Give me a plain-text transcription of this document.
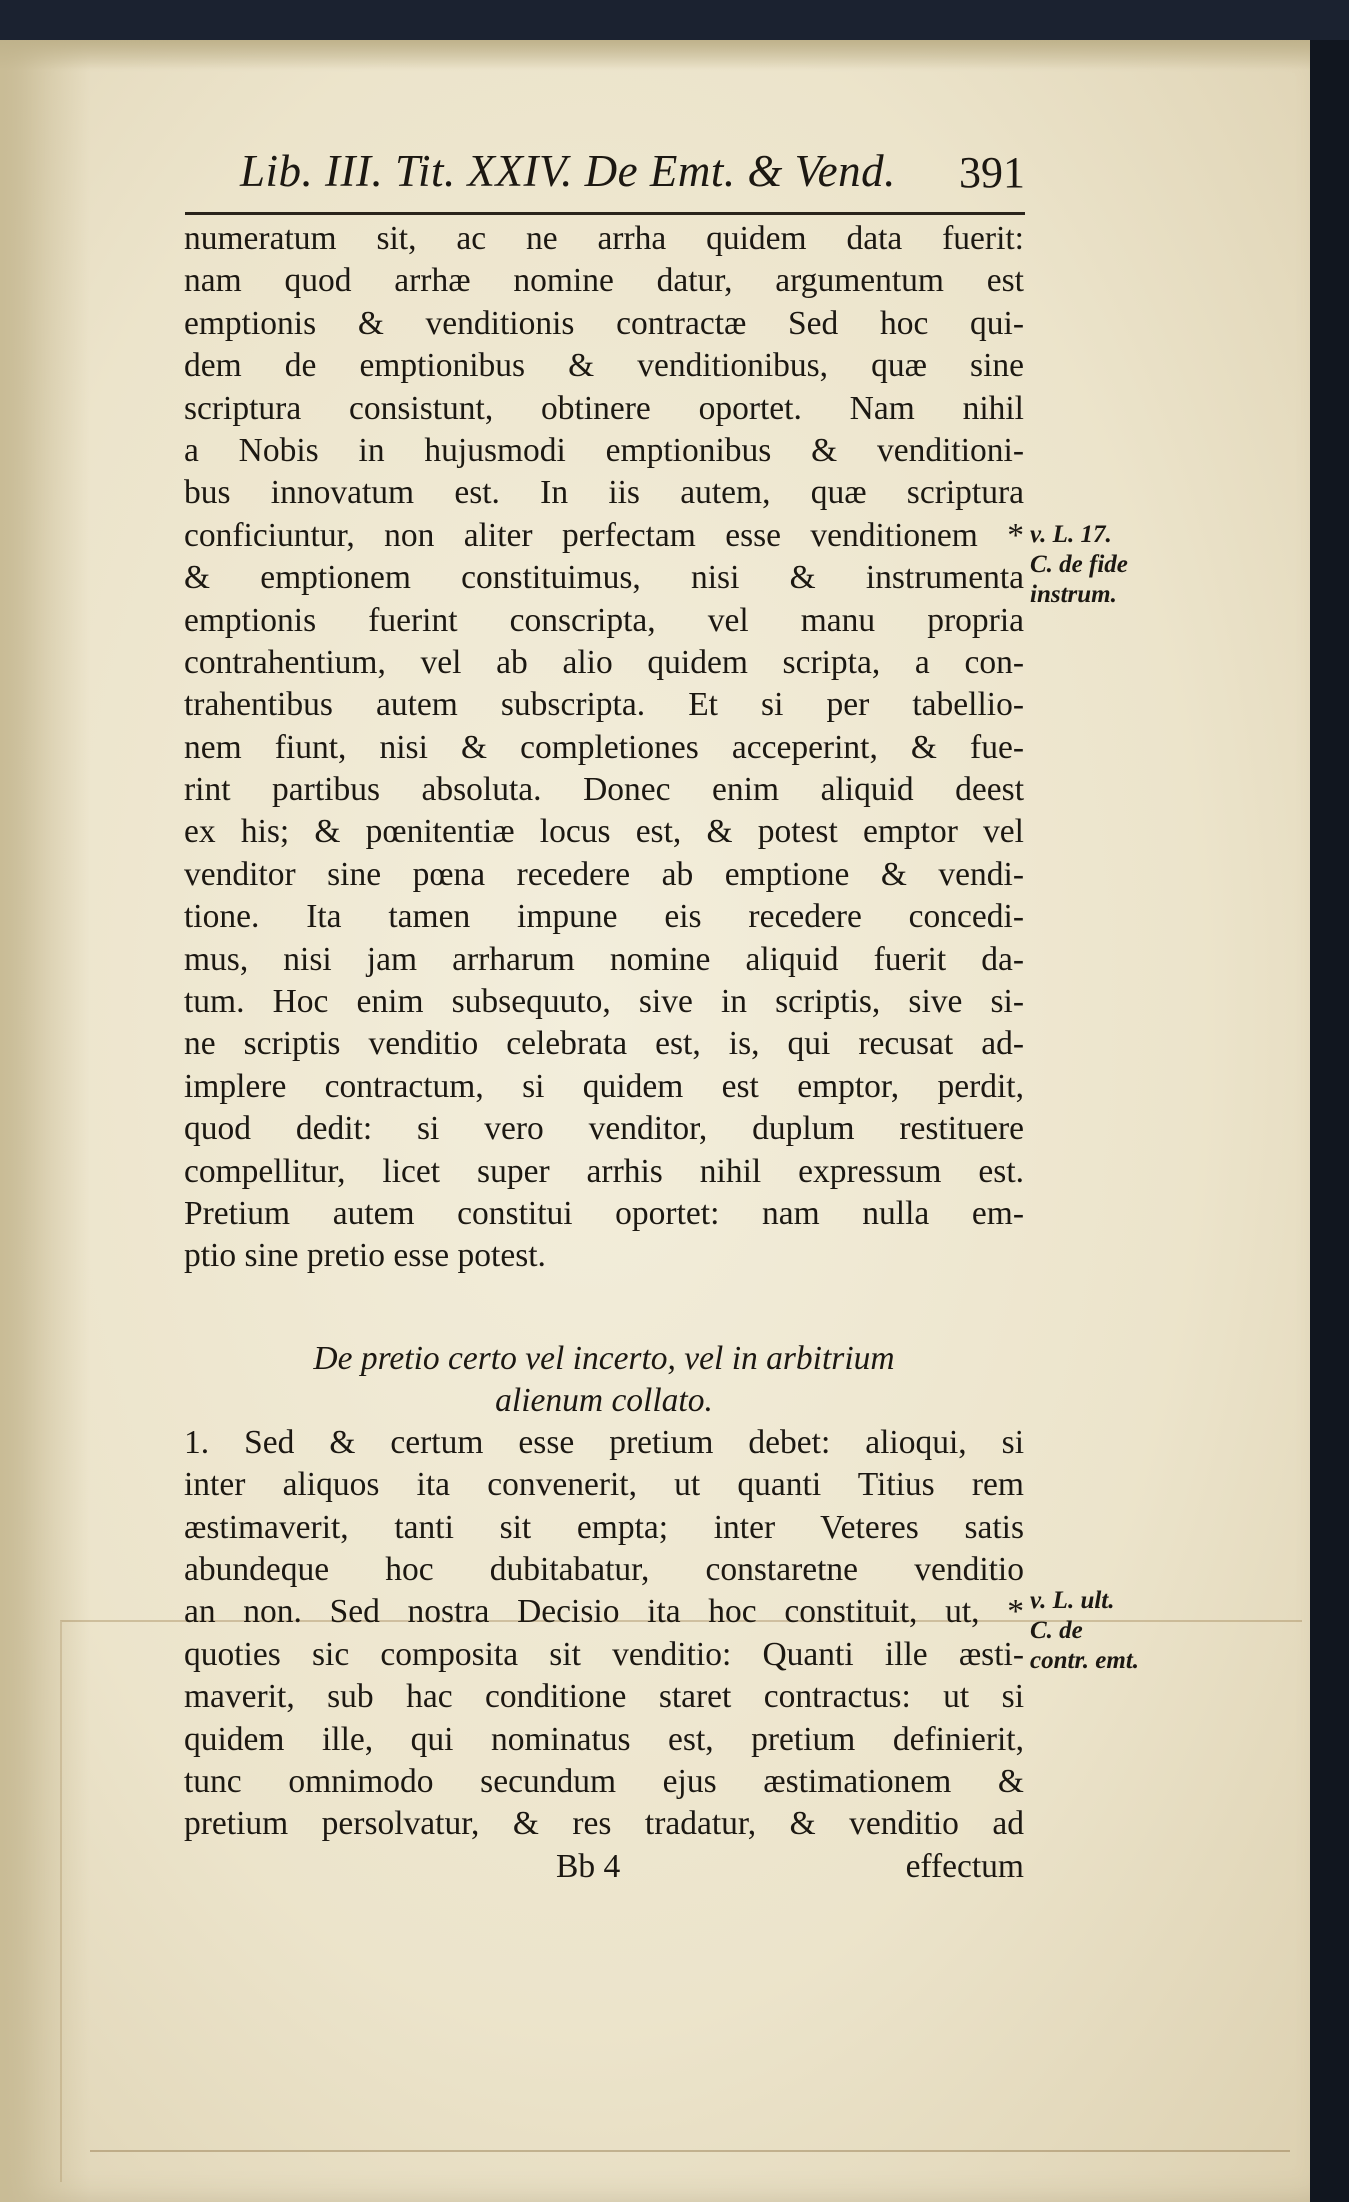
Lib. III. Tit. XXIV. De Emt. & Vend. 391
numeratum sit, ac ne arrha quidem data fuerit:
nam quod arrhæ nomine datur, argumentum est
emptionis & venditionis contractæ Sed hoc qui-
dem de emptionibus & venditionibus, quæ sine
scriptura consistunt, obtinere oportet. Nam nihil
a Nobis in hujusmodi emptionibus & venditioni-
bus innovatum est. In iis autem, quæ scriptura
conficiuntur, non aliter perfectam esse venditionem *
& emptionem constituimus, nisi & instrumenta
emptionis fuerint conscripta, vel manu propria
contrahentium, vel ab alio quidem scripta, a con-
trahentibus autem subscripta. Et si per tabellio-
nem fiunt, nisi & completiones acceperint, & fue-
rint partibus absoluta. Donec enim aliquid deest
ex his; & pœnitentiæ locus est, & potest emptor vel
venditor sine pœna recedere ab emptione & vendi-
tione. Ita tamen impune eis recedere concedi-
mus, nisi jam arrharum nomine aliquid fuerit da-
tum. Hoc enim subsequuto, sive in scriptis, sive si-
ne scriptis venditio celebrata est, is, qui recusat ad-
implere contractum, si quidem est emptor, perdit,
quod dedit: si vero venditor, duplum restituere
compellitur, licet super arrhis nihil expressum est.
Pretium autem constitui oportet: nam nulla em-
ptio sine pretio esse potest.
De pretio certo vel incerto, vel in arbitrium
alienum collato.
1. Sed & certum esse pretium debet: alioqui, si
inter aliquos ita convenerit, ut quanti Titius rem
æstimaverit, tanti sit empta; inter Veteres satis
abundeque hoc dubitabatur, constaretne venditio
an non. Sed nostra Decisio ita hoc constituit, ut, *
quoties sic composita sit venditio: Quanti ille æsti-
maverit, sub hac conditione staret contractus: ut si
quidem ille, qui nominatus est, pretium definierit,
tunc omnimodo secundum ejus æstimationem &
pretium persolvatur, & res tradatur, & venditio ad
Bb 4	effectum
v. L. 17.
C. de fide
instrum.
v. L. ult.
C. de
contr. emt.
